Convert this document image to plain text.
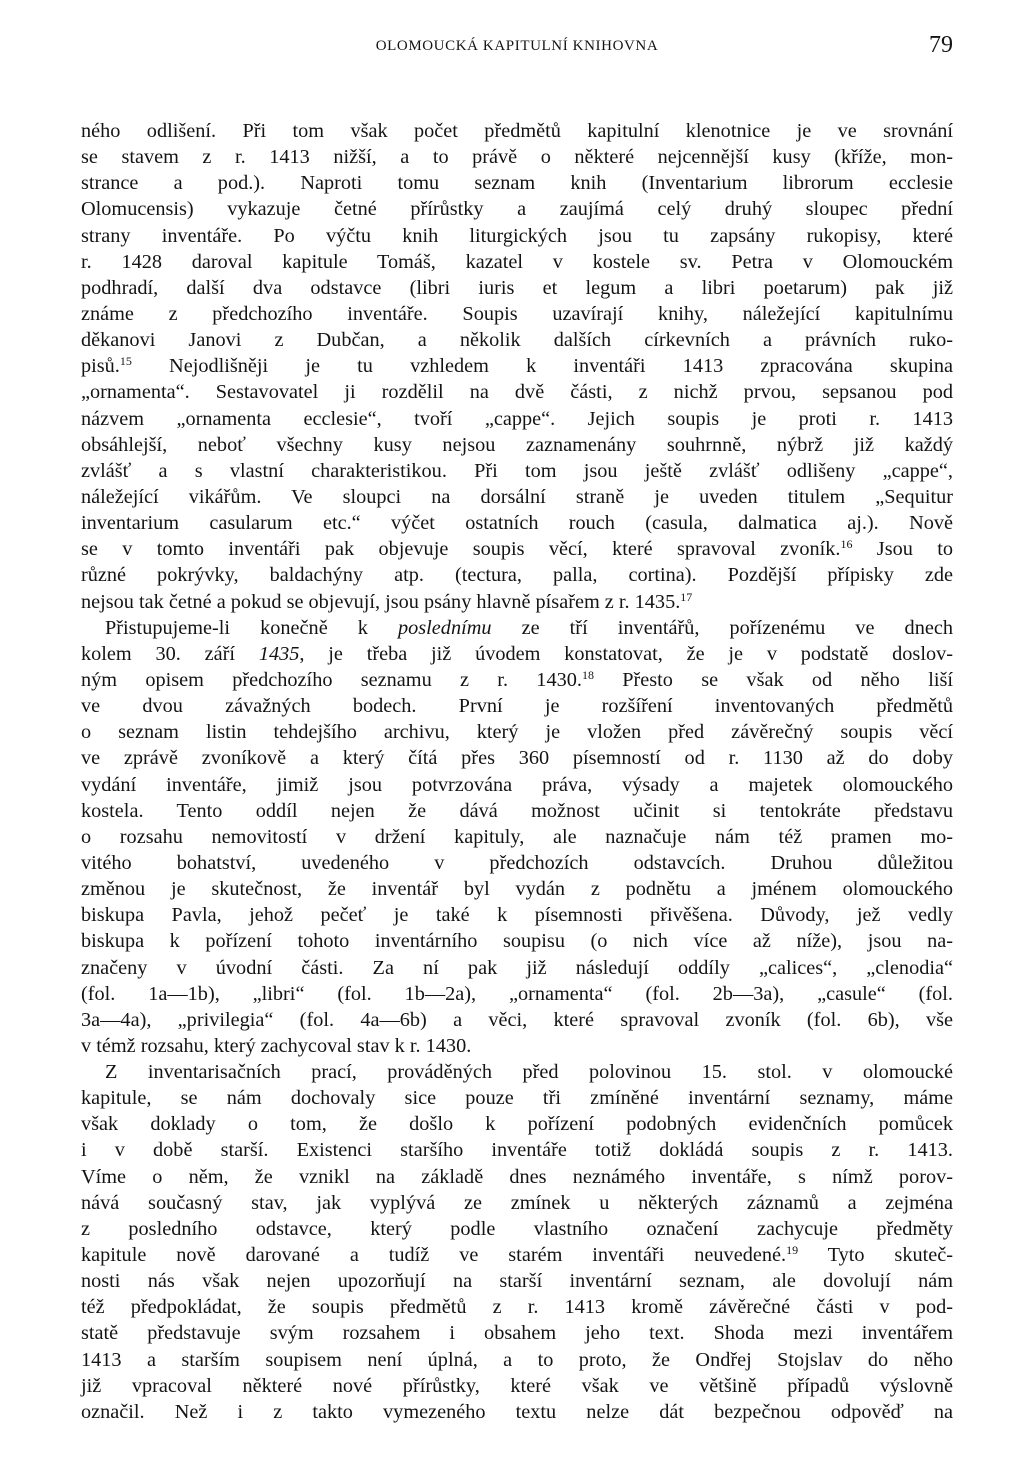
OLOMOUCKÁ KAPITULNÍ KNIHOVNA	79
ného odlišení. Při tom však počet předmětů kapitulní klenotnice je ve srovnání
se stavem z r. 1413 nižší, a to právě o některé nejcennější kusy (kříže, mon-
strance a pod.). Naproti tomu seznam knih (Inventarium librorum ecclesie
Olomucensis) vykazuje četné přírůstky a zaujímá celý druhý sloupec přední
strany inventáře. Po výčtu knih liturgických jsou tu zapsány rukopisy, které
r. 1428 daroval kapitule Tomáš, kazatel v kostele sv. Petra v Olomouckém
podhradí, další dva odstavce (libri iuris et legum a libri poetarum) pak již
známe z předchozího inventáře. Soupis uzavírají knihy, náležející kapitulnímu
děkanovi Janovi z Dubčan, a několik dalších církevních a právních ruko-
pisů.$^{15}$ Nejodlišněji je tu vzhledem k inventáři 1413 zpracována skupina
„ornamenta“. Sestavovatel ji rozdělil na dvě části, z nichž prvou, sepsanou pod
názvem „ornamenta ecclesie“, tvoří „cappe“. Jejich soupis je proti r. 1413
obsáhlejší, neboť všechny kusy nejsou zaznamenány souhrnně, nýbrž již každý
zvlášť a s vlastní charakteristikou. Při tom jsou ještě zvlášť odlišeny „cappe“,
náležející vikářům. Ve sloupci na dorsální straně je uveden titulem „Sequitur
inventarium casularum etc.“ výčet ostatních rouch (casula, dalmatica aj.). Nově
se v tomto inventáři pak objevuje soupis věcí, které spravoval zvoník.$^{16}$ Jsou to
různé pokrývky, baldachýny atp. (tectura, palla, cortina). Pozdější přípisky zde
nejsou tak četné a pokud se objevují, jsou psány hlavně písařem z r. 1435.17
Přistupujeme-li konečně k poslednímu ze tří inventářů, pořízenému ve dnech
kolem 30. září 1435, je třeba již úvodem konstatovat, že je v podstatě doslov-
ným opisem předchozího seznamu z r. 1430.18 Přesto se však od něho liší
ve dvou závažných bodech. První je rozšíření inventovaných předmětů
o seznam listin tehdejšího archivu, který je vložen před závěrečný soupis věcí
ve zprávě zvoníkově a který čítá přes 360 písemností od r. 1130 až do doby
vydání inventáře, jimiž jsou potvrzována práva, výsady a majetek olomouckého
kostela. Tento oddíl nejen že dává možnost učinit si tentokráte představu
o rozsahu nemovitostí v držení kapituly, ale naznačuje nám též pramen mo-
vitého bohatství, uvedeného v předchozích odstavcích. Druhou důležitou
změnou je skutečnost, že inventář byl vydán z podnětu a jménem olomouckého
biskupa Pavla, jehož pečeť je také k písemnosti přivěšena. Důvody, jež vedly
biskupa k pořízení tohoto inventárního soupisu (o nich více až níže), jsou na-
značeny v úvodní části. Za ní pak již následují oddíly „calices“, „clenodia“
(fol. 1a—1b), „libri“ (fol. 1b—2a), „ornamenta“ (fol. 2b—3a), „casule“ (fol.
3a—4a), „privilegia“ (fol. 4a—6b) a věci, které spravoval zvoník (fol. 6b), vše
v témž rozsahu, který zachycoval stav k r. 1430.
Z inventarisačních prací, prováděných před polovinou 15. stol. v olomoucké
kapitule, se nám dochovaly sice pouze tři zmíněné inventární seznamy, máme
však doklady o tom, že došlo k pořízení podobných evidenčních pomůcek
i v době starší. Existenci staršího inventáře totiž dokládá soupis z r. 1413.
Víme o něm, že vznikl na základě dnes neznámého inventáře, s nímž porov-
nává současný stav, jak vyplývá ze zmínek u některých záznamů a zejména
z posledního odstavce, který podle vlastního označení zachycuje předměty
kapitule nově darované a tudíž ve starém inventáři neuvedené.$^{19}$ Tyto skuteč-
nosti nás však nejen upozorňují na starší inventární seznam, ale dovolují nám
též předpokládat, že soupis předmětů z r. 1413 kromě závěrečné části v pod-
statě představuje svým rozsahem i obsahem jeho text. Shoda mezi inventářem
1413 a starším soupisem není úplná, a to proto, že Ondřej Stojslav do něho
již vpracoval některé nové přírůstky, které však ve většině případů výslovně
označil. Než i z takto vymezeného textu nelze dát bezpečnou odpověď na
